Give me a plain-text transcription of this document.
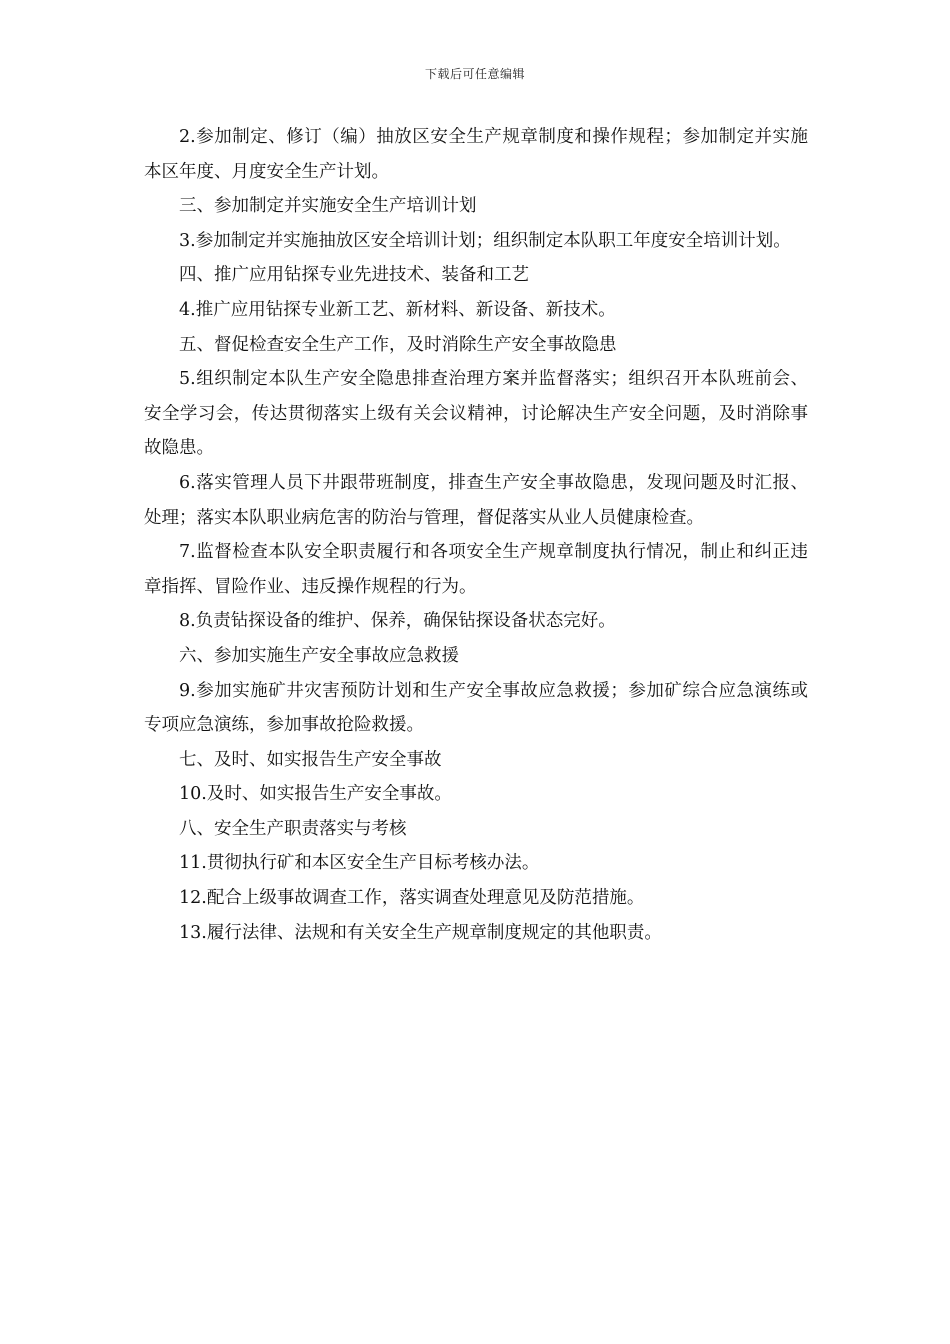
下载后可任意编辑

2.参加制定、修订（编）抽放区安全生产规章制度和操作规程；参加制定并实施本区年度、月度安全生产计划。

三、参加制定并实施安全生产培训计划

3.参加制定并实施抽放区安全培训计划；组织制定本队职工年度安全培训计划。

四、推广应用钻探专业先进技术、装备和工艺

4.推广应用钻探专业新工艺、新材料、新设备、新技术。

五、督促检查安全生产工作，及时消除生产安全事故隐患

5.组织制定本队生产安全隐患排查治理方案并监督落实；组织召开本队班前会、安全学习会，传达贯彻落实上级有关会议精神，讨论解决生产安全问题，及时消除事故隐患。

6.落实管理人员下井跟带班制度，排查生产安全事故隐患，发现问题及时汇报、处理；落实本队职业病危害的防治与管理，督促落实从业人员健康检查。

7.监督检查本队安全职责履行和各项安全生产规章制度执行情况，制止和纠正违章指挥、冒险作业、违反操作规程的行为。

8.负责钻探设备的维护、保养，确保钻探设备状态完好。

六、参加实施生产安全事故应急救援

9.参加实施矿井灾害预防计划和生产安全事故应急救援；参加矿综合应急演练或专项应急演练，参加事故抢险救援。

七、及时、如实报告生产安全事故

10.及时、如实报告生产安全事故。

八、安全生产职责落实与考核

11.贯彻执行矿和本区安全生产目标考核办法。

12.配合上级事故调查工作，落实调查处理意见及防范措施。

13.履行法律、法规和有关安全生产规章制度规定的其他职责。
